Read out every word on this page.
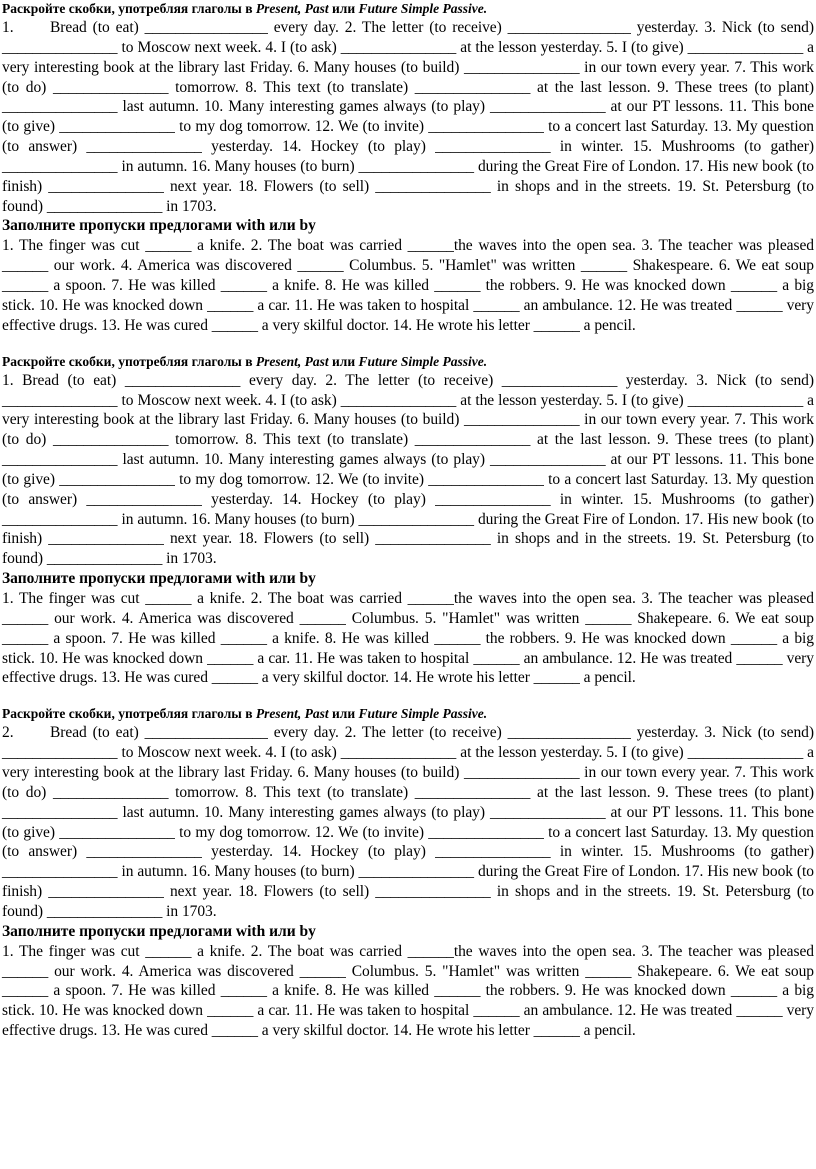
Раскройте скобки, употребляя глаголы в Present, Past или Future Simple Passive.

1. Bread (to eat) ________________ every day. 2. The letter (to receive) ________________ yesterday. 3. Nick (to send) _______________ to Moscow next week. 4. I (to ask) _______________ at the lesson yesterday. 5. I (to give) _______________ a very interesting book at the library last Friday. 6. Many houses (to build) _______________ in our town every year. 7. This work (to do) _______________ tomorrow. 8. This text (to translate) _______________ at the last lesson. 9. These trees (to plant) _______________ last autumn. 10. Many interesting games always (to play) _______________ at our PT lessons. 11. This bone (to give) _______________ to my dog tomorrow. 12. We (to invite) _______________ to a concert last Saturday. 13. My question (to answer) _______________ yesterday. 14. Hockey (to play) _______________ in winter. 15. Mushrooms (to gather) _______________ in autumn. 16. Many houses (to burn) _______________ during the Great Fire of London. 17. His new book (to finish) _______________ next year. 18. Flowers (to sell) _______________ in shops and in the streets. 19. St. Petersburg (to found) _______________ in 1703.

Заполните пропуски предлогами with или by

1. The finger was cut ______ a knife. 2. The boat was carried ______the waves into the open sea. 3. The teacher was pleased ______ our work. 4. America was discovered ______ Columbus. 5. "Hamlet" was written ______ Shakespeare. 6. We eat soup ______ a spoon. 7. He was killed ______ a knife. 8. He was killed ______ the robbers. 9. He was knocked down ______ a big stick. 10. He was knocked down ______ a car. 11. He was taken to hospital ______ an ambulance. 12. He was treated ______ very effective drugs. 13. He was cured ______ a very skilful doctor. 14. He wrote his letter ______ a pencil.

Раскройте скобки, употребляя глаголы в Present, Past или Future Simple Passive.

1. Bread (to eat) _______________ every day. 2. The letter (to receive) _______________ yesterday. 3. Nick (to send) _______________ to Moscow next week. 4. I (to ask) _______________ at the lesson yesterday. 5. I (to give) _______________ a very interesting book at the library last Friday. 6. Many houses (to build) _______________ in our town every year. 7. This work (to do) _______________ tomorrow. 8. This text (to translate) _______________ at the last lesson. 9. These trees (to plant) _______________ last autumn. 10. Many interesting games always (to play) _______________ at our PT lessons. 11. This bone (to give) _______________ to my dog tomorrow. 12. We (to invite) _______________ to a concert last Saturday. 13. My question (to answer) _______________ yesterday. 14. Hockey (to play) _______________ in winter. 15. Mushrooms (to gather) _______________ in autumn. 16. Many houses (to burn) _______________ during the Great Fire of London. 17. His new book (to finish) _______________ next year. 18. Flowers (to sell) _______________ in shops and in the streets. 19. St. Petersburg (to found) _______________ in 1703.

Заполните пропуски предлогами with или by

1. The finger was cut ______ a knife. 2. The boat was carried ______the waves into the open sea. 3. The teacher was pleased ______ our work. 4. America was discovered ______ Columbus. 5. "Hamlet" was written ______ Shakepeare. 6. We eat soup ______ a spoon. 7. He was killed ______ a knife. 8. He was killed ______ the robbers. 9. He was knocked down ______ a big stick. 10. He was knocked down ______ a car. 11. He was taken to hospital ______ an ambulance. 12. He was treated ______ very effective drugs. 13. He was cured ______ a very skilful doctor. 14. He wrote his letter ______ a pencil.

Раскройте скобки, употребляя глаголы в Present, Past или Future Simple Passive.

2. Bread (to eat) ________________ every day. 2. The letter (to receive) ________________ yesterday. 3. Nick (to send) _______________ to Moscow next week. 4. I (to ask) _______________ at the lesson yesterday. 5. I (to give) _______________ a very interesting book at the library last Friday. 6. Many houses (to build) _______________ in our town every year. 7. This work (to do) _______________ tomorrow. 8. This text (to translate) _______________ at the last lesson. 9. These trees (to plant) _______________ last autumn. 10. Many interesting games always (to play) _______________ at our PT lessons. 11. This bone (to give) _______________ to my dog tomorrow. 12. We (to invite) _______________ to a concert last Saturday. 13. My question (to answer) _______________ yesterday. 14. Hockey (to play) _______________ in winter. 15. Mushrooms (to gather) _______________ in autumn. 16. Many houses (to burn) _______________ during the Great Fire of London. 17. His new book (to finish) _______________ next year. 18. Flowers (to sell) _______________ in shops and in the streets. 19. St. Petersburg (to found) _______________ in 1703.

Заполните пропуски предлогами with или by

1. The finger was cut ______ a knife. 2. The boat was carried ______the waves into the open sea. 3. The teacher was pleased ______ our work. 4. America was discovered ______ Columbus. 5. "Hamlet" was written ______ Shakepeare. 6. We eat soup ______ a spoon. 7. He was killed ______ a knife. 8. He was killed ______ the robbers. 9. He was knocked down ______ a big stick. 10. He was knocked down ______ a car. 11. He was taken to hospital ______ an ambulance. 12. He was treated ______ very effective drugs. 13. He was cured ______ a very skilful doctor. 14. He wrote his letter ______ a pencil.
